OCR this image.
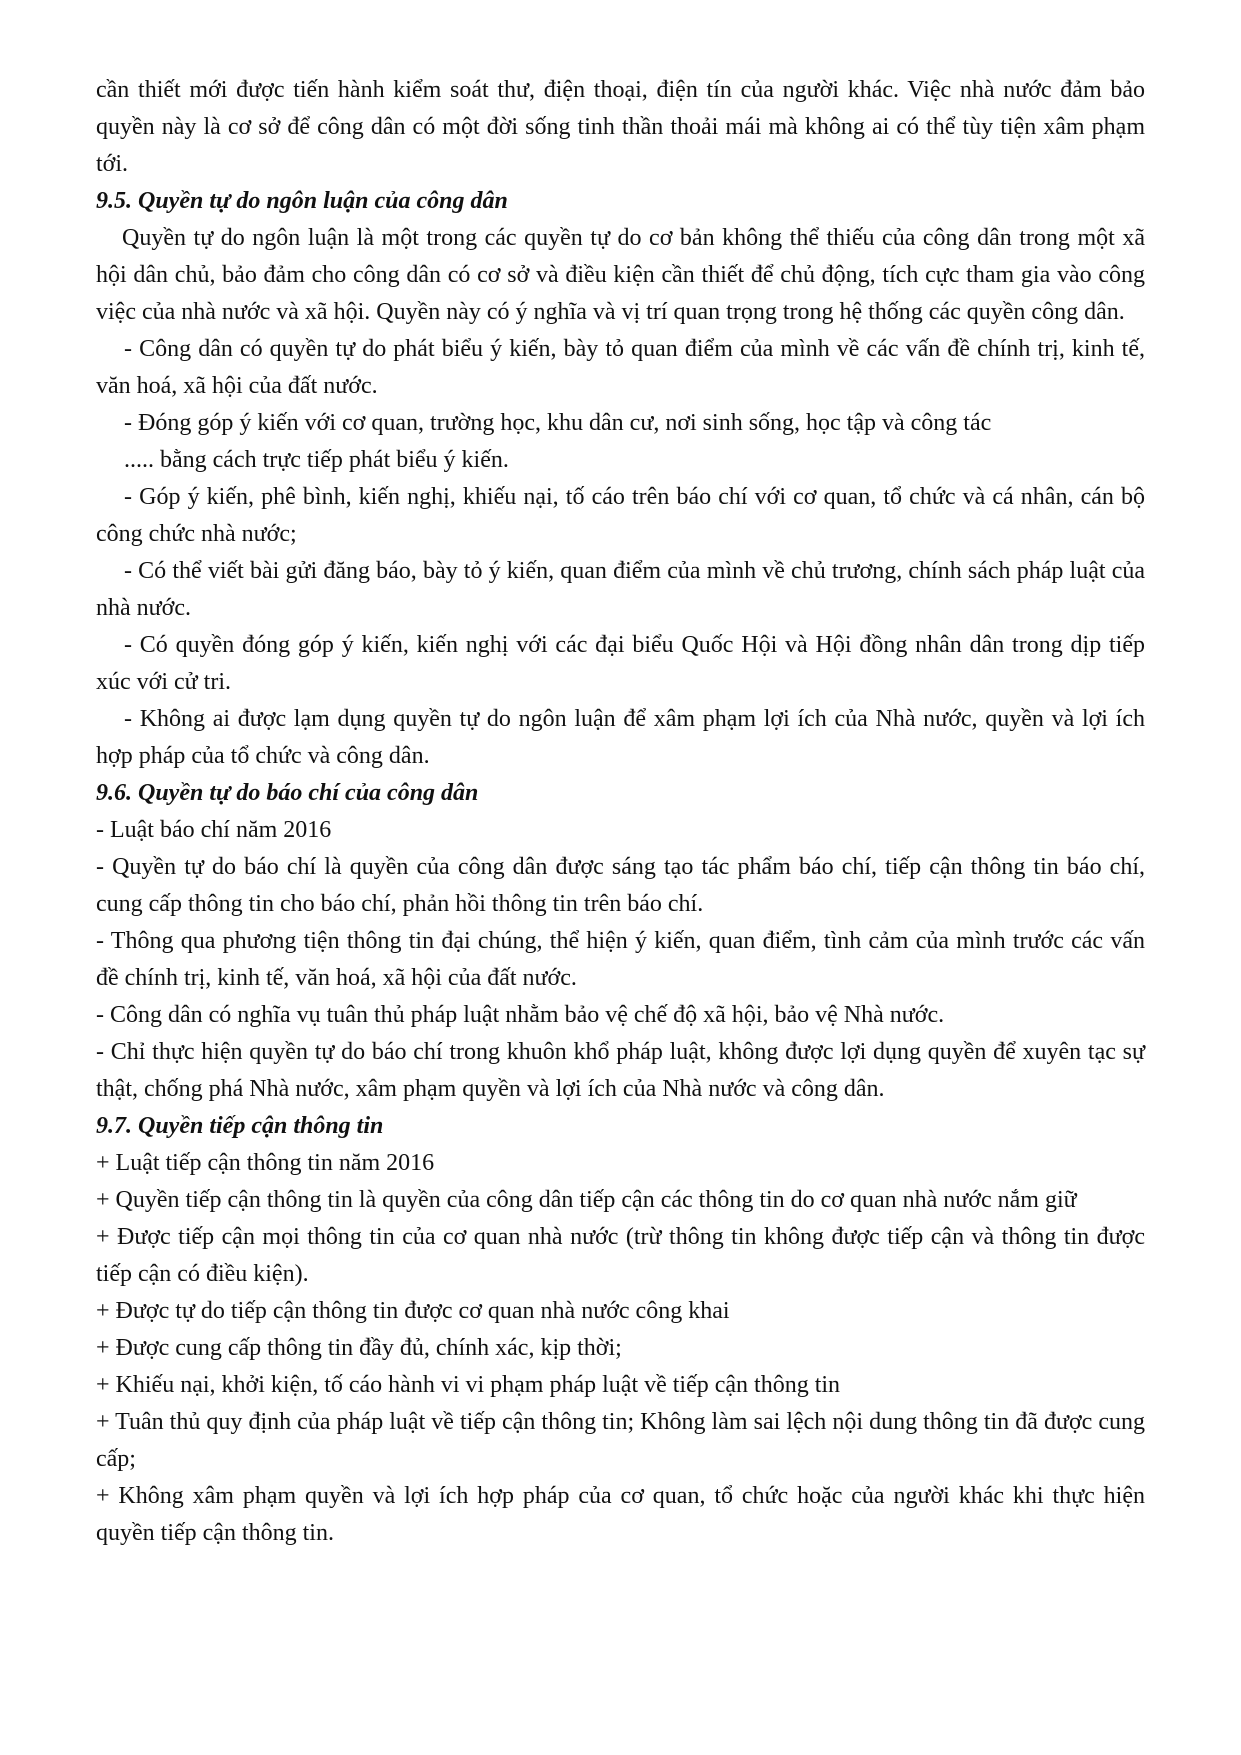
cần thiết mới được tiến hành kiểm soát thư, điện thoại, điện tín của người khác. Việc nhà nước đảm bảo quyền này là cơ sở để công dân có một đời sống tinh thần thoải mái mà không ai có thể tùy tiện xâm phạm tới.

9.5. Quyền tự do ngôn luận của công dân

Quyền tự do ngôn luận là một trong các quyền tự do cơ bản không thể thiếu của công dân trong một xã hội dân chủ, bảo đảm cho công dân có cơ sở và điều kiện cần thiết để chủ động, tích cực tham gia vào công việc của nhà nước và xã hội. Quyền này có ý nghĩa và vị trí quan trọng trong hệ thống các quyền công dân.

- Công dân có quyền tự do phát biểu ý kiến, bày tỏ quan điểm của mình về các vấn đề chính trị, kinh tế, văn hoá, xã hội của đất nước.

- Đóng góp ý kiến với cơ quan, trường học, khu dân cư, nơi sinh sống, học tập và công tác

..... bằng cách trực tiếp phát biểu ý kiến.

- Góp ý kiến, phê bình, kiến nghị, khiếu nại, tố cáo trên báo chí với cơ quan, tổ chức và cá nhân, cán bộ công chức nhà nước;

- Có thể viết bài gửi đăng báo, bày tỏ ý kiến, quan điểm của mình về chủ trương, chính sách pháp luật của nhà nước.

- Có quyền đóng góp ý kiến, kiến nghị với các đại biểu Quốc Hội và Hội đồng nhân dân trong dịp tiếp xúc với cử tri.

- Không ai được lạm dụng quyền tự do ngôn luận để xâm phạm lợi ích của Nhà nước, quyền và lợi ích hợp pháp của tổ chức và công dân.

9.6. Quyền tự do báo chí của công dân

- Luật báo chí năm 2016

- Quyền tự do báo chí là quyền của công dân được sáng tạo tác phẩm báo chí, tiếp cận thông tin báo chí, cung cấp thông tin cho báo chí, phản hồi thông tin trên báo chí.

- Thông qua phương tiện thông tin đại chúng, thể hiện ý kiến, quan điểm, tình cảm của mình trước các vấn đề chính trị, kinh tế, văn hoá, xã hội của đất nước.

- Công dân có nghĩa vụ tuân thủ pháp luật nhằm bảo vệ chế độ xã hội, bảo vệ Nhà nước.

- Chỉ thực hiện quyền tự do báo chí trong khuôn khổ pháp luật, không được lợi dụng quyền để xuyên tạc sự thật, chống phá Nhà nước, xâm phạm quyền và lợi ích của Nhà nước và công dân.

9.7. Quyền tiếp cận thông tin

+ Luật tiếp cận thông tin năm 2016

+ Quyền tiếp cận thông tin là quyền của công dân tiếp cận các thông tin do cơ quan nhà nước nắm giữ

+ Được tiếp cận mọi thông tin của cơ quan nhà nước (trừ thông tin không được tiếp cận và thông tin được tiếp cận có điều kiện).

+ Được tự do tiếp cận thông tin được cơ quan nhà nước công khai

+ Được cung cấp thông tin đầy đủ, chính xác, kịp thời;

+ Khiếu nại, khởi kiện, tố cáo hành vi vi phạm pháp luật về tiếp cận thông tin

+ Tuân thủ quy định của pháp luật về tiếp cận thông tin; Không làm sai lệch nội dung thông tin đã được cung cấp;

+ Không xâm phạm quyền và lợi ích hợp pháp của cơ quan, tổ chức hoặc của người khác khi thực hiện quyền tiếp cận thông tin.
